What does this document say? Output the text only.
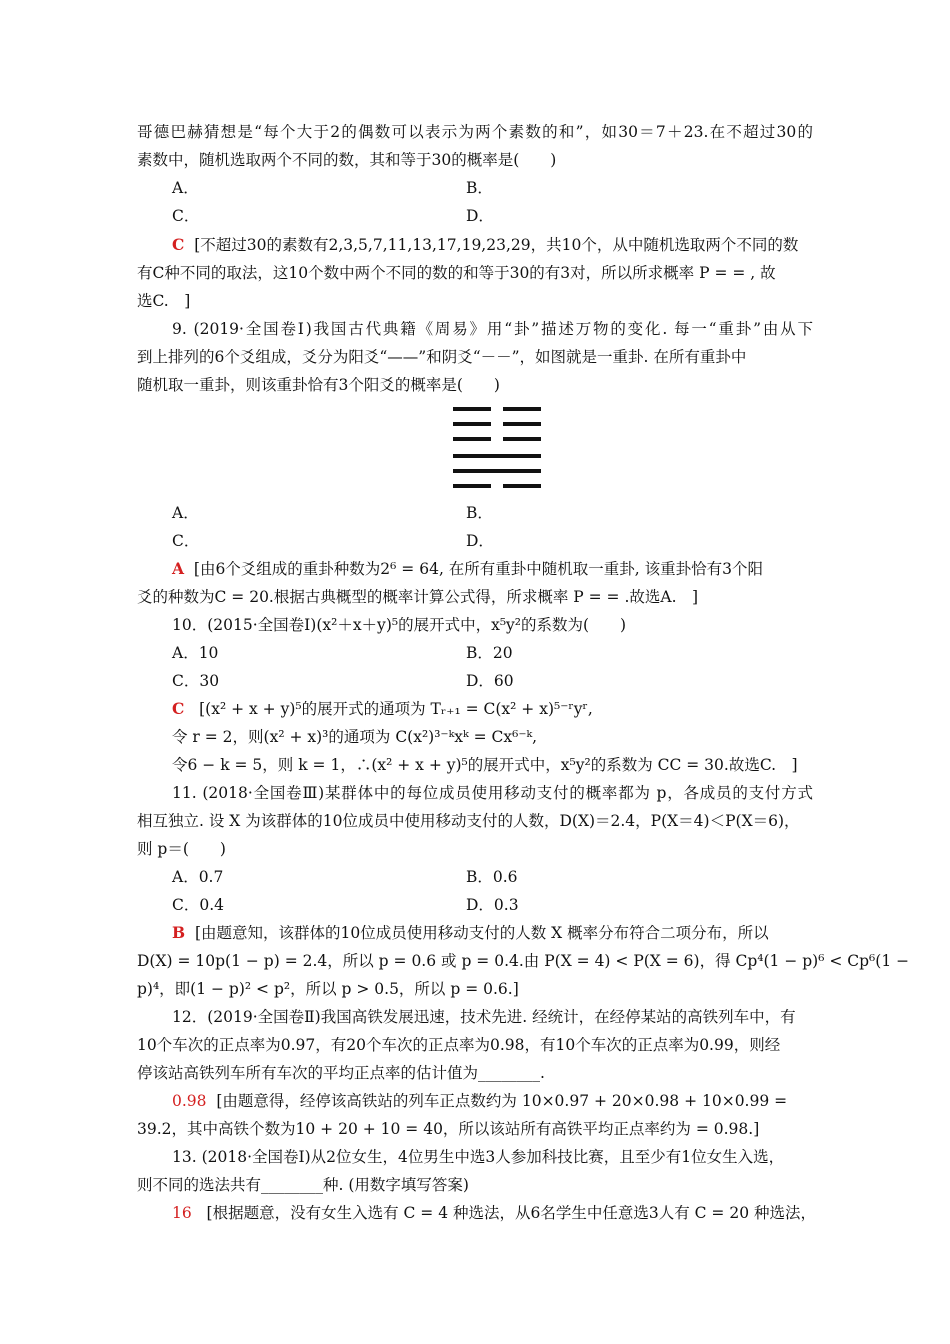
哥德巴赫猜想是“每个大于2的偶数可以表示为两个素数的和”，如30＝7＋23.在不超过30的
素数中，随机选取两个不同的数，其和等于30的概率是(　　)
A．	B．
C．	D．
C [不超过30的素数有2,3,5,7,11,13,17,19,23,29，共10个，从中随机选取两个不同的数
有C种不同的取法，这10个数中两个不同的数的和等于30的有3对，所以所求概率 P = = , 故
选C.　]
9. (2019·全国卷Ⅰ)我国古代典籍《周易》用“卦”描述万物的变化. 每一“重卦”由从下
到上排列的6个爻组成，爻分为阳爻“——”和阴爻“－－”，如图就是一重卦. 在所有重卦中
随机取一重卦，则该重卦恰有3个阳爻的概率是(　　)
A．	B．
C．	D．
A [由6个爻组成的重卦种数为2⁶ = 64, 在所有重卦中随机取一重卦, 该重卦恰有3个阳
爻的种数为C = 20.根据古典概型的概率计算公式得，所求概率 P = = .故选A.　]
10．(2015·全国卷Ⅰ)(x²＋x＋y)⁵的展开式中，x⁵y²的系数为(　　)
A．10	B．20
C．30	D．60
C [(x² + x + y)⁵的展开式的通项为 Tᵣ₊₁ = C(x² + x)⁵⁻ʳyʳ,
令 r = 2，则(x² + x)³的通项为 C(x²)³⁻ᵏxᵏ = Cx⁶⁻ᵏ,
令6 − k = 5，则 k = 1，∴(x² + x + y)⁵的展开式中，x⁵y²的系数为 CC = 30.故选C.　]
11. (2018·全国卷Ⅲ)某群体中的每位成员使用移动支付的概率都为 p，各成员的支付方式
相互独立. 设 X 为该群体的10位成员中使用移动支付的人数，D(X)＝2.4，P(X＝4)＜P(X＝6)，
则 p＝(　　)
A．0.7	B．0.6
C．0.4	D．0.3
B [由题意知，该群体的10位成员使用移动支付的人数 X 概率分布符合二项分布，所以
D(X) = 10p(1 − p) = 2.4，所以 p = 0.6 或 p = 0.4.由 P(X = 4) < P(X = 6)，得 Cp⁴(1 − p)⁶ < Cp⁶(1 −
p)⁴，即(1 − p)² < p²，所以 p > 0.5，所以 p = 0.6.]
12．(2019·全国卷Ⅱ)我国高铁发展迅速，技术先进. 经统计，在经停某站的高铁列车中，有
10个车次的正点率为0.97，有20个车次的正点率为0.98，有10个车次的正点率为0.99，则经
停该站高铁列车所有车次的平均正点率的估计值为________.
0.98 [由题意得，经停该高铁站的列车正点数约为 10×0.97 + 20×0.98 + 10×0.99 =
39.2，其中高铁个数为10 + 20 + 10 = 40，所以该站所有高铁平均正点率约为 = 0.98.]
13. (2018·全国卷Ⅰ)从2位女生，4位男生中选3人参加科技比赛，且至少有1位女生入选，
则不同的选法共有________种. (用数字填写答案)
16 [根据题意，没有女生入选有 C = 4 种选法，从6名学生中任意选3人有 C = 20 种选法，
